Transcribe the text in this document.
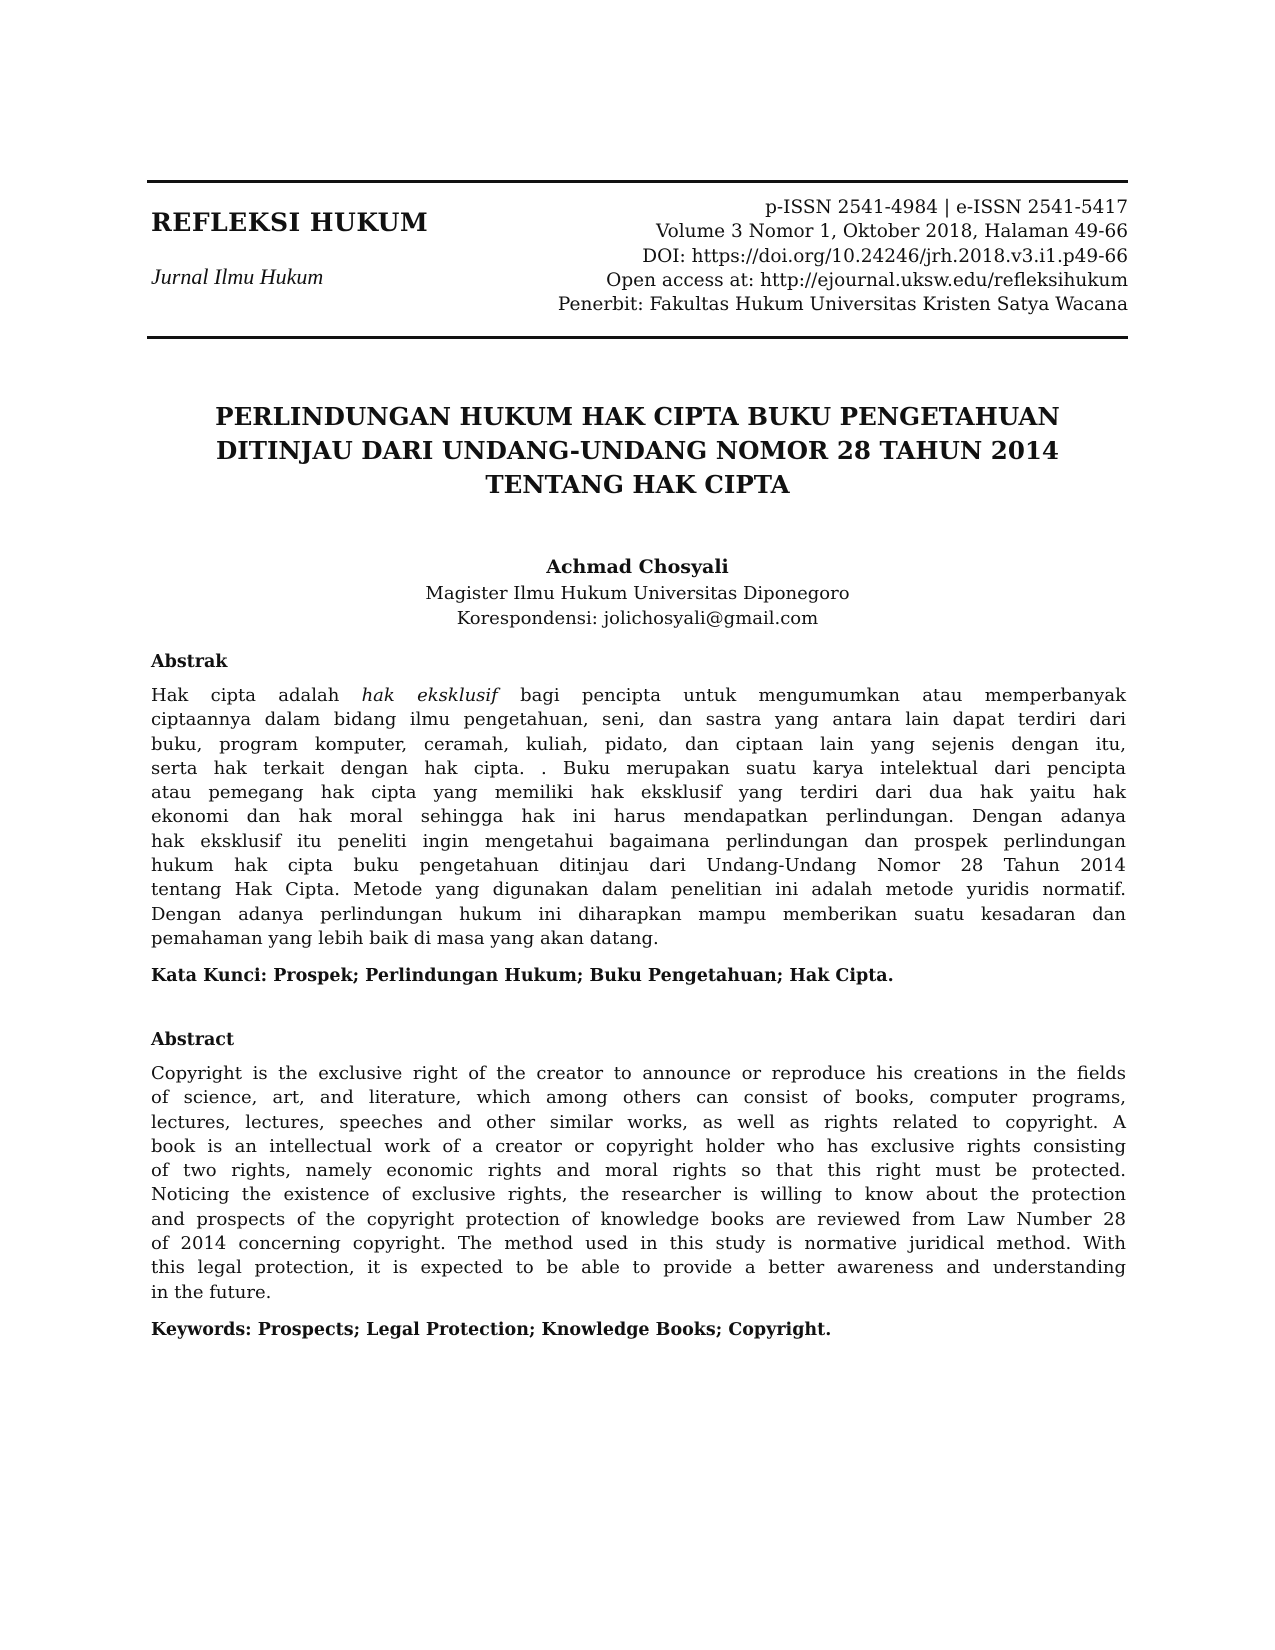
REFLEKSI HUKUM
Jurnal Ilmu Hukum
p-ISSN 2541-4984 | e-ISSN 2541-5417
Volume 3 Nomor 1, Oktober 2018, Halaman 49-66
DOI: https://doi.org/10.24246/jrh.2018.v3.i1.p49-66
Open access at: http://ejournal.uksw.edu/refleksihukum
Penerbit: Fakultas Hukum Universitas Kristen Satya Wacana
PERLINDUNGAN HUKUM HAK CIPTA BUKU PENGETAHUAN
DITINJAU DARI UNDANG-UNDANG NOMOR 28 TAHUN 2014
TENTANG HAK CIPTA
Achmad Chosyali
Magister Ilmu Hukum Universitas Diponegoro
Korespondensi: jolichosyali@gmail.com
Abstrak
Hak cipta adalah hak eksklusif bagi pencipta untuk mengumumkan atau memperbanyak
ciptaannya dalam bidang ilmu pengetahuan, seni, dan sastra yang antara lain dapat terdiri dari
buku, program komputer, ceramah, kuliah, pidato, dan ciptaan lain yang sejenis dengan itu,
serta hak terkait dengan hak cipta. . Buku merupakan suatu karya intelektual dari pencipta
atau pemegang hak cipta yang memiliki hak eksklusif yang terdiri dari dua hak yaitu hak
ekonomi dan hak moral sehingga hak ini harus mendapatkan perlindungan. Dengan adanya
hak eksklusif itu peneliti ingin mengetahui bagaimana perlindungan dan prospek perlindungan
hukum hak cipta buku pengetahuan ditinjau dari Undang-Undang Nomor 28 Tahun 2014
tentang Hak Cipta. Metode yang digunakan dalam penelitian ini adalah metode yuridis normatif.
Dengan adanya perlindungan hukum ini diharapkan mampu memberikan suatu kesadaran dan
pemahaman yang lebih baik di masa yang akan datang.
Kata Kunci: Prospek; Perlindungan Hukum; Buku Pengetahuan; Hak Cipta.
Abstract
Copyright is the exclusive right of the creator to announce or reproduce his creations in the fields
of science, art, and literature, which among others can consist of books, computer programs,
lectures, lectures, speeches and other similar works, as well as rights related to copyright. A
book is an intellectual work of a creator or copyright holder who has exclusive rights consisting
of two rights, namely economic rights and moral rights so that this right must be protected.
Noticing the existence of exclusive rights, the researcher is willing to know about the protection
and prospects of the copyright protection of knowledge books are reviewed from Law Number 28
of 2014 concerning copyright. The method used in this study is normative juridical method. With
this legal protection, it is expected to be able to provide a better awareness and understanding
in the future.
Keywords: Prospects; Legal Protection; Knowledge Books; Copyright.
